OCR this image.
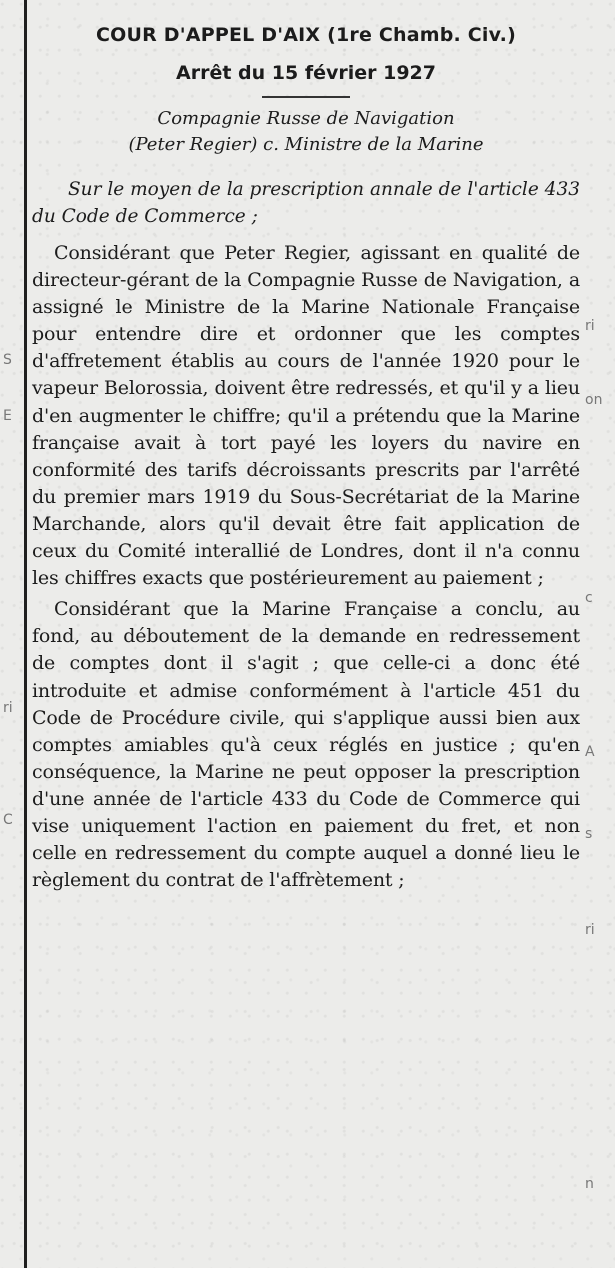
S
E
ri
C
ri
on
c
A
s
ri
n
COUR D'APPEL D'AIX (1re Chamb. Civ.)
Arrêt du 15 février 1927

Compagnie Russe de Navigation
(Peter Regier) c. Ministre de la Marine

Sur le moyen de la prescription annale de l'article 433 du Code de Commerce ;

Considérant que Peter Regier, agissant en qualité de directeur-gérant de la Compagnie Russe de Navigation, a assigné le Ministre de la Marine Nationale Française pour entendre dire et ordonner que les comptes d'affretement établis au cours de l'année 1920 pour le vapeur Belorossia, doivent être redressés, et qu'il y a lieu d'en augmenter le chiffre; qu'il a prétendu que la Marine française avait à tort payé les loyers du navire en conformité des tarifs décroissants prescrits par l'arrêté du premier mars 1919 du Sous-Secrétariat de la Marine Marchande, alors qu'il devait être fait application de ceux du Comité interallié de Londres, dont il n'a connu les chiffres exacts que postérieurement au paiement ;

Considérant que la Marine Française a conclu, au fond, au déboutement de la demande en redressement de comptes dont il s'agit ; que celle-ci a donc été introduite et admise conformément à l'article 451 du Code de Procédure civile, qui s'applique aussi bien aux comptes amiables qu'à ceux réglés en justice ; qu'en conséquence, la Marine ne peut opposer la prescription d'une année de l'article 433 du Code de Commerce qui vise uniquement l'action en paiement du fret, et non celle en redressement du compte auquel a donné lieu le règlement du contrat de l'affrètement ;
